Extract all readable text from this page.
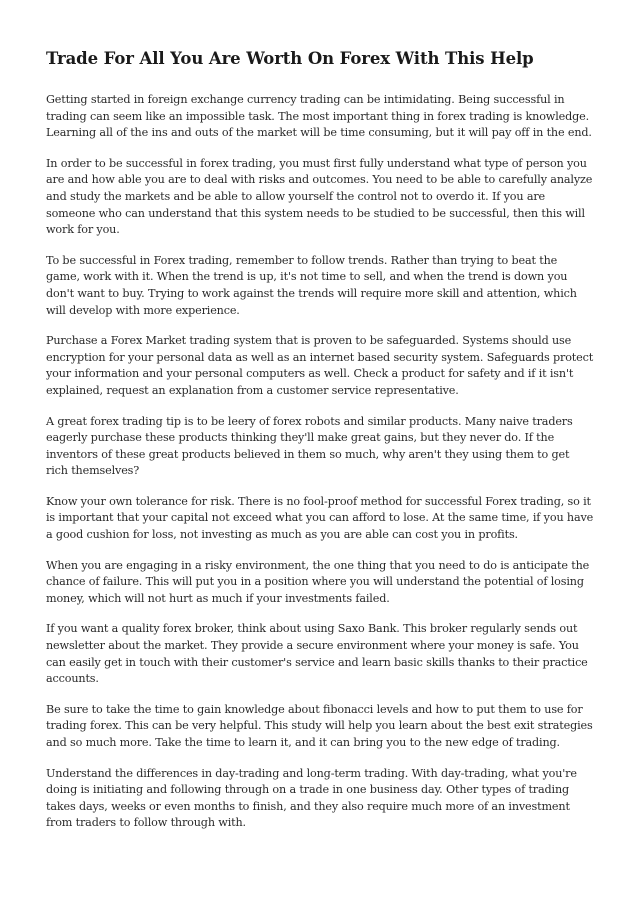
Trade For All You Are Worth On Forex With This Help

Getting started in foreign exchange currency trading can be intimidating. Being successful in trading can seem like an impossible task. The most important thing in forex trading is knowledge. Learning all of the ins and outs of the market will be time consuming, but it will pay off in the end.

In order to be successful in forex trading, you must first fully understand what type of person you are and how able you are to deal with risks and outcomes. You need to be able to carefully analyze and study the markets and be able to allow yourself the control not to overdo it. If you are someone who can understand that this system needs to be studied to be successful, then this will work for you.

To be successful in Forex trading, remember to follow trends. Rather than trying to beat the game, work with it. When the trend is up, it's not time to sell, and when the trend is down you don't want to buy. Trying to work against the trends will require more skill and attention, which will develop with more experience.

Purchase a Forex Market trading system that is proven to be safeguarded. Systems should use encryption for your personal data as well as an internet based security system. Safeguards protect your information and your personal computers as well. Check a product for safety and if it isn't explained, request an explanation from a customer service representative.

A great forex trading tip is to be leery of forex robots and similar products. Many naive traders eagerly purchase these products thinking they'll make great gains, but they never do. If the inventors of these great products believed in them so much, why aren't they using them to get rich themselves?

Know your own tolerance for risk. There is no fool-proof method for successful Forex trading, so it is important that your capital not exceed what you can afford to lose. At the same time, if you have a good cushion for loss, not investing as much as you are able can cost you in profits.

When you are engaging in a risky environment, the one thing that you need to do is anticipate the chance of failure. This will put you in a position where you will understand the potential of losing money, which will not hurt as much if your investments failed.

If you want a quality forex broker, think about using Saxo Bank. This broker regularly sends out newsletter about the market. They provide a secure environment where your money is safe. You can easily get in touch with their customer's service and learn basic skills thanks to their practice accounts.

Be sure to take the time to gain knowledge about fibonacci levels and how to put them to use for trading forex. This can be very helpful. This study will help you learn about the best exit strategies and so much more. Take the time to learn it, and it can bring you to the new edge of trading.

Understand the differences in day-trading and long-term trading. With day-trading, what you're doing is initiating and following through on a trade in one business day. Other types of trading takes days, weeks or even months to finish, and they also require much more of an investment from traders to follow through with.
